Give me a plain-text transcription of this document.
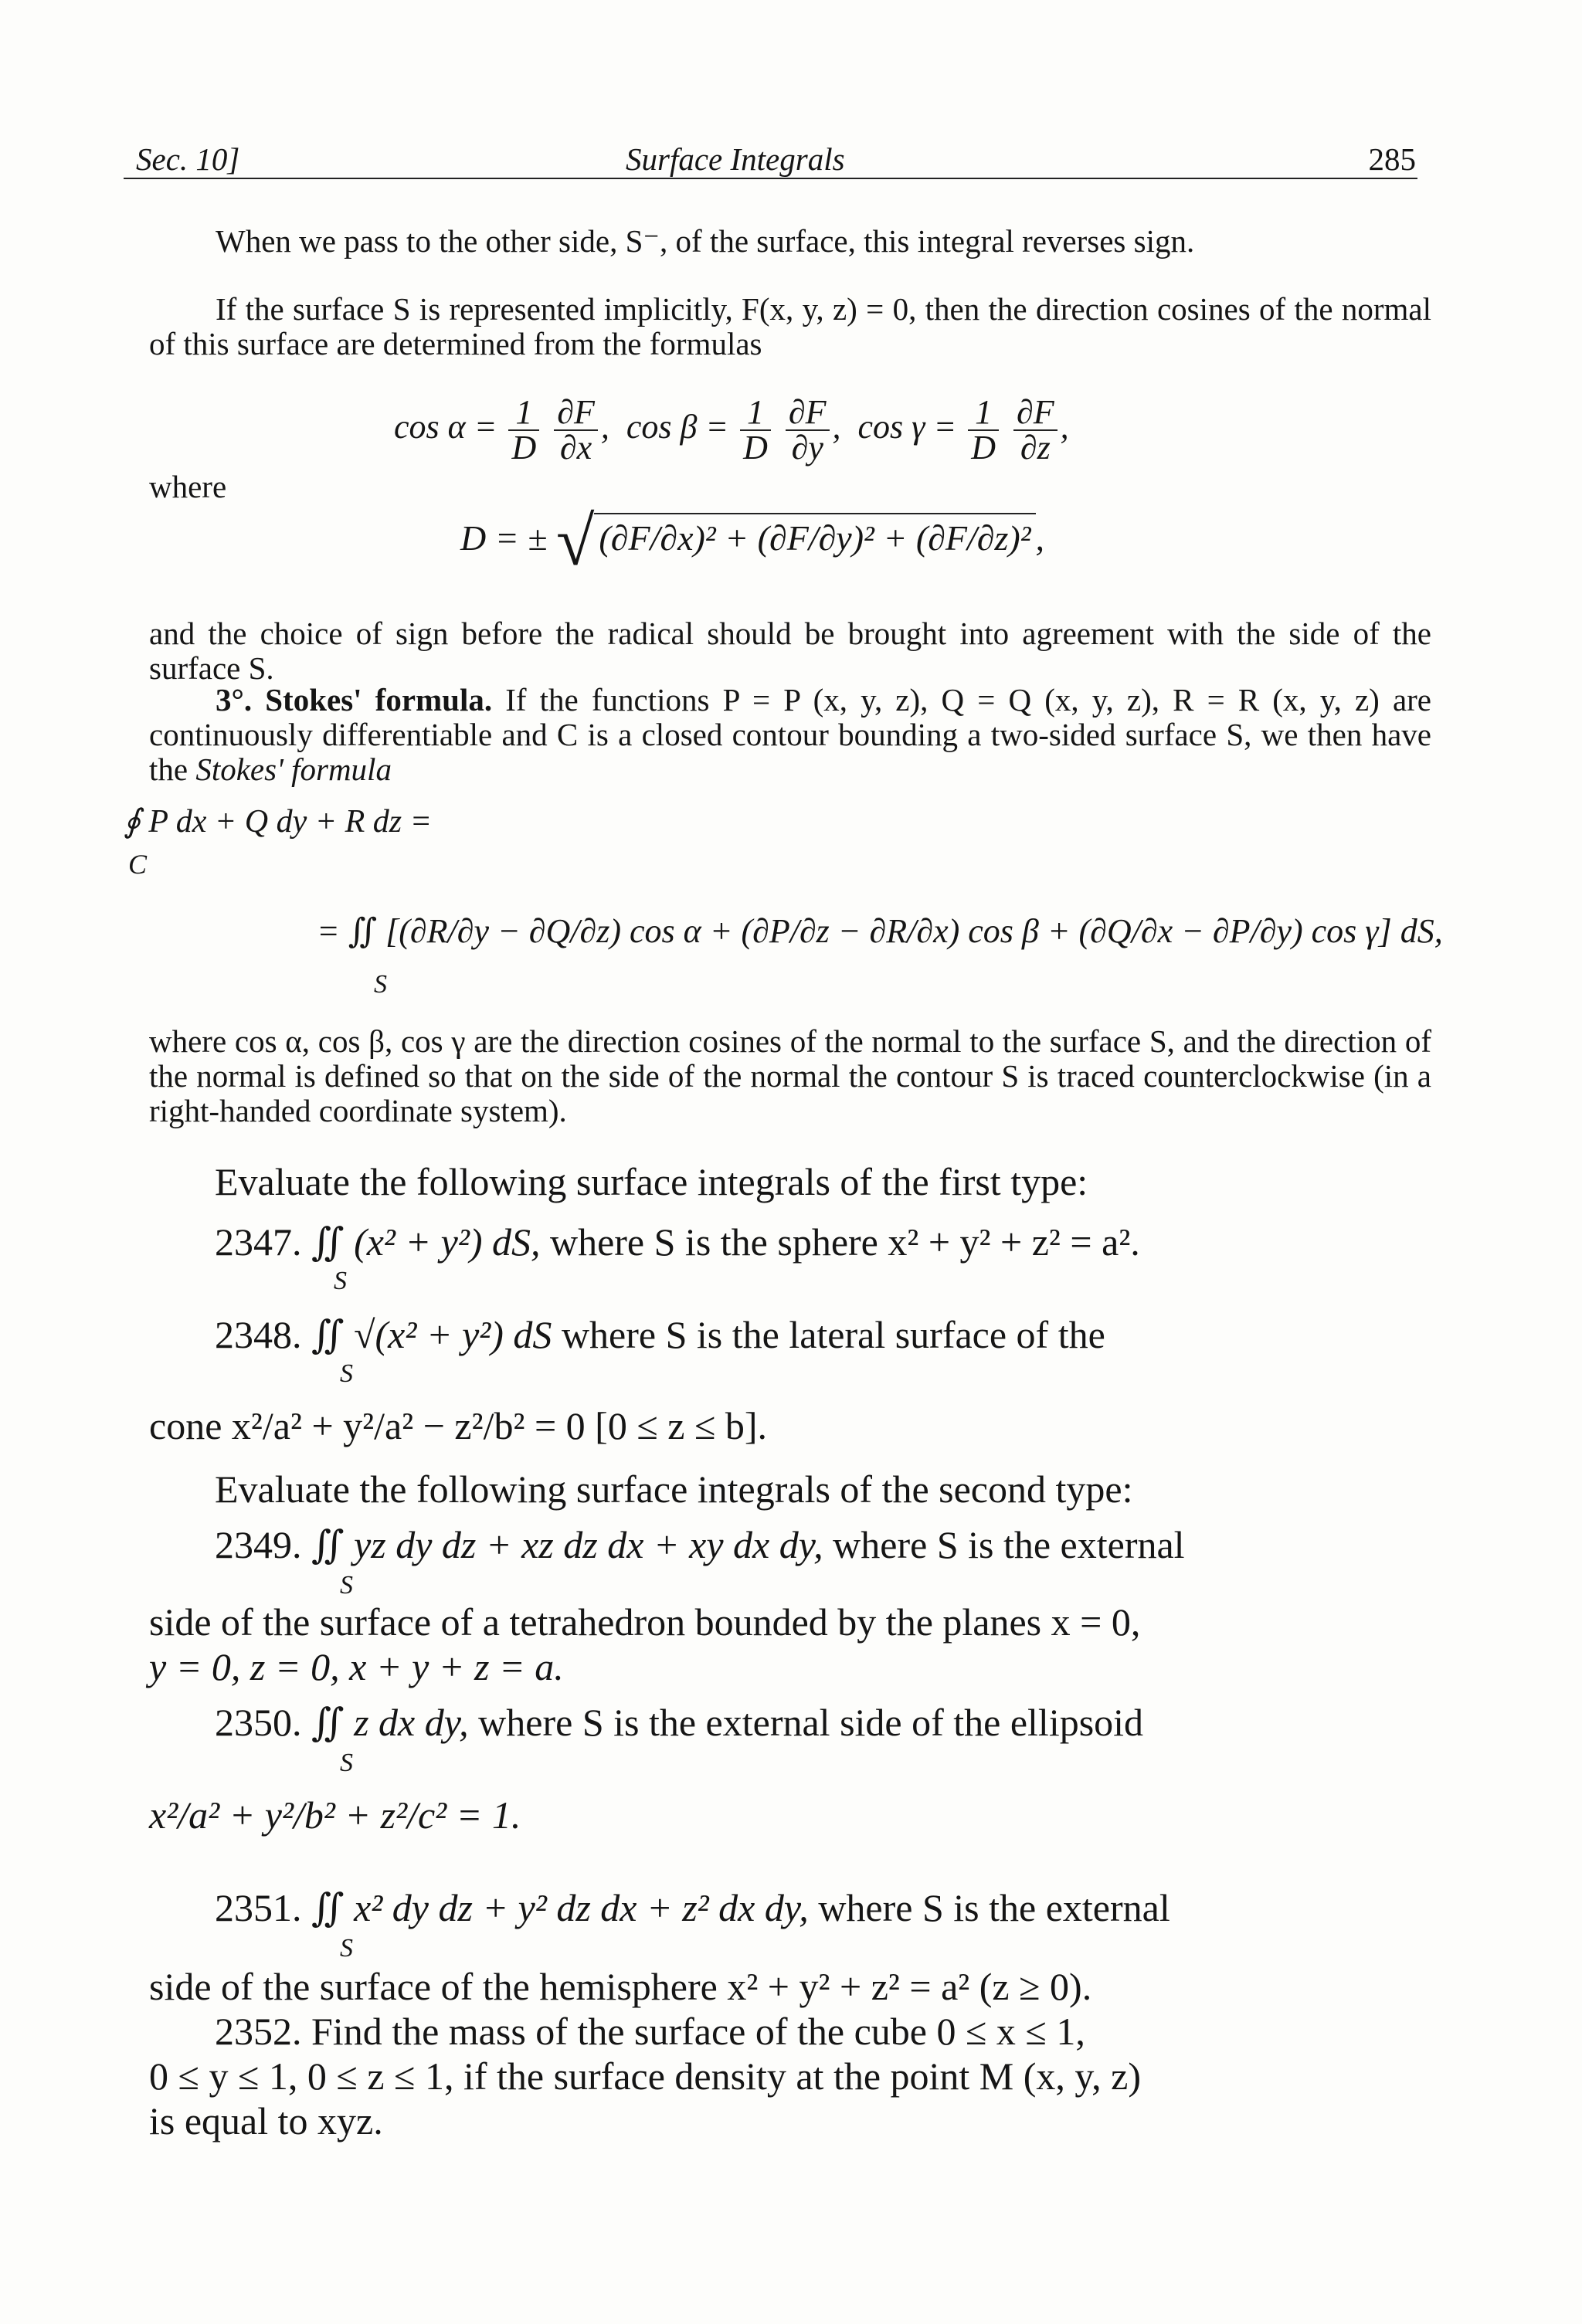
Sec. 10]	Surface Integrals	285
When we pass to the other side, S⁻, of the surface, this integral reverses sign.
If the surface S is represented implicitly, F(x, y, z) = 0, then the direction cosines of the normal of this surface are determined from the formulas
$\cos \alpha = \frac{1}{D}$
$\frac{\partial F}{\partial x}$ ,  $\cos \beta = \frac{1}{D}$
$\frac{\partial F}{\partial y}$ ,  $\cos \gamma = \frac{1}{D}$
$\frac{\partial F}{\partial z}$ ,
where
D = ± √ (∂F/∂x)² + (∂F/∂y)² + (∂F/∂z)² ,
and the choice of sign before the radical should be brought into agreement with the side of the surface S.
3°. Stokes' formula. If the functions P = P (x, y, z), Q = Q (x, y, z), R = R (x, y, z) are continuously differentiable and C is a closed contour bounding a two-sided surface S, we then have the Stokes' formula
∮ P dx + Q dy + R dz =
C
= ∬ [(∂R/∂y − ∂Q/∂z) cos α + (∂P/∂z − ∂R/∂x) cos β + (∂Q/∂x − ∂P/∂y) cos γ] dS,
S
where cos α, cos β, cos γ are the direction cosines of the normal to the surface S, and the direction of the normal is defined so that on the side of the normal the contour S is traced counterclockwise (in a right-handed coordinate system).
Evaluate the following surface integrals of the first type:
2347. ∬ (x² + y²) dS, where S is the sphere x² + y² + z² = a².
S
2348. ∬ √(x² + y²) dS where S is the lateral surface of the
S
cone x²/a² + y²/a² − z²/b² = 0 [0 ≤ z ≤ b].
Evaluate the following surface integrals of the second type:
2349. ∬ yz dy dz + xz dz dx + xy dx dy, where S is the external
S
side of the surface of a tetrahedron bounded by the planes x = 0,
y = 0, z = 0, x + y + z = a.
2350. ∬ z dx dy, where S is the external side of the ellipsoid
S
x²/a² + y²/b² + z²/c² = 1.
2351. ∬ x² dy dz + y² dz dx + z² dx dy, where S is the external
S
side of the surface of the hemisphere x² + y² + z² = a² (z ≥ 0).
2352. Find the mass of the surface of the cube 0 ≤ x ≤ 1,
0 ≤ y ≤ 1, 0 ≤ z ≤ 1, if the surface density at the point M (x, y, z)
is equal to xyz.
